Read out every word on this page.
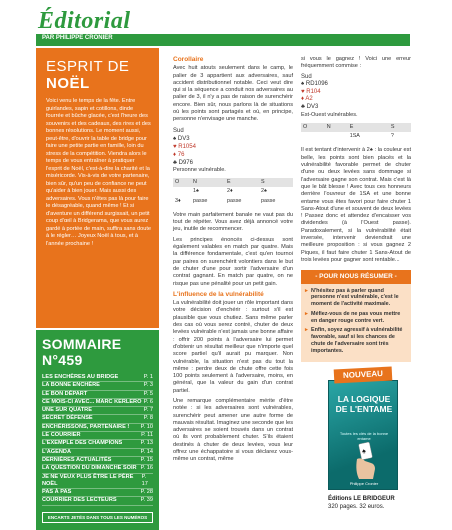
Éditorial
PAR PHILIPPE CRONIER
ESPRIT DE NOËL
Voici venu le temps de la fête. Entre guirlandes, sapin et cotillons, dinde fourrée et bûche glacée, c'est l'heure des souvenirs et des cadeaux, des rires et des bonnes résolutions. Le moment aussi, peut-être, d'ouvrir la table de bridge pour faire une petite partie en famille, loin du stress de la compétition. Viendra alors le temps de vous entraîner à pratiquer l'esprit de Noël, c'est-à-dire la charité et la miséricorde. Vis-à-vis de votre partenaire, bien sûr, qu'un peu de confiance ne peut qu'aider à bien jouer. Mais aussi des adversaires. Vous n'êtes pas là pour faire le désagréable, quand même ! Et si d'aventure un différend surgissait, un petit coup d'œil à Bridgerama, que vous aurez gardé à portée de main, suffira sans doute à le régler… Joyeux Noël à tous, et à l'année prochaine !
SOMMAIRE N°459
LES ENCHÈRES AU BRIDGE	P. 1
LA BONNE ENCHÈRE	P. 3
LE BON DÉPART	P. 5
CE MOIS-CI AVEC... MARC KERLERO P. 6
UNE SUR QUATRE	P. 7
SECRET DÉFENSE	P. 8
ENCHÉRISSONS, PARTENAIRE ! P. 10
LE COURRIER	P. 11
L'EXEMPLE DES CHAMPIONS	P. 13
L'AGENDA	P. 14
DERNIÈRES ACTUALITÉS	P. 15
LA QUESTION DU DIMANCHE SOIR P. 16
JE NE VEUX PLUS ÊTRE LE PÈRE NOËL
P. 17
PAS À PAS	P. 28
COURRIER DES LECTEURS	P. 39
ENCARTS JETÉS DANS TOUS LES NUMÉROS
Corollaire

Avec huit atouts seulement dans le camp, le palier de 3 appartient aux adversaires, sauf accident distributionnel notable. Ceci veut dire qui si la séquence a conduit nos adversaires au palier de 3, il n'y a pas de raison de surenchérir encore. Bien sûr, nous parlons là de situations où les points sont partagés et où, en principe, personne n'envisage une manche.

Sud
♠ DV3
♥ R1054
♦ 76
♣ D976

Personne vulnérable.

O	N	E	S
	1♠	2♦	2♠
3♦	passe	passe	passe

Votre main parfaitement banale ne vaut pas du tout de répéter. Vous avez déjà annoncé votre jeu, inutile de recommencer.

Les principes énoncés ci-dessus sont également valables en match par quatre. Mais la différence fondamentale, c'est qu'en tournoi par paires on surenchérit volontiers dans le but de chuter d'une pour sortir l'adversaire d'un contrat gagnant. En match par quatre, on ne risque pas une pénalité pour un petit gain.

L'influence de la vulnérabilité

La vulnérabilité doit jouer un rôle important dans votre décision d'enchérir : surtout s'il est plausible que vous chutiez. Sans même parler des cas où vous serez contré, chuter de deux levées vulnérable n'est jamais une bonne affaire : offrir 200 points à l'adversaire lui permet d'obtenir un résultat meilleur que n'importe quel score partiel qu'il aurait pu marquer. Non vulnérable, la situation n'est pas du tout la même : perdre deux de chute offre cette fois 100 points seulement à l'adversaire, moins, en général, que la valeur du gain d'un contrat partiel.

Une remarque complémentaire mérite d'être notée : si les adversaires sont vulnérables, surenchérir peut amener une autre forme de mauvais résultat. Imaginez une seconde que les adversaires se soient trouvés dans un contrat où ils vont probablement chuter. S'ils étaient destinés à chuter de deux levées, vous leur offrez une échappatoire si vous déclarez vous-même un contrat, même

si vous le gagnez ! Voici une erreur fréquemment commise :

Sud
♠ RD1096
♥ R104
♦ A2
♣ DV3

Est-Ouest vulnérables.

O	N	E	S
		1SA	?

Il est tentant d'intervenir à 2♠ : la couleur est belle, les points sont bien placés et la vulnérabilité favorable permet de chuter d'une ou deux levées sans dommage si l'adversaire gagne son contrat. Mais c'est là que le bât blesse ! Avec tous ces honneurs derrière l'ouvreur de 1SA et une bonne entame vous êtes favori pour faire chuter 1 Sans-Atout d'une et souvent de deux levées ! Passez donc et attendez d'encaisser vos dividendes (à l'Ouest passe). Paradoxalement, si la vulnérabilité était inversée, intervenir deviendrait une meilleure proposition : si vous gagnez 2 Piques, il faut faire chuter 1 Sans-Atout de trois levées pour gagner sont rentable...

- POUR NOUS RÉSUMER -
▸ N'hésitez pas à parler quand personne n'est vulnérable, c'est le moment de l'activité maximale.
▸ Méfiez-vous de ne pas vous mettre en danger rouge contre vert.
▸ Enfin, soyez agressif à vulnérabilité favorable, sauf si les chances de chute de l'adversaire sont très importantes.
NOUVEAU
LA LOGIQUE DE L'ENTAME
Toutes les clés de la bonne entame
♠
Philippe Cronier
Éditions LE BRIDGEUR
320 pages. 32 euros.
